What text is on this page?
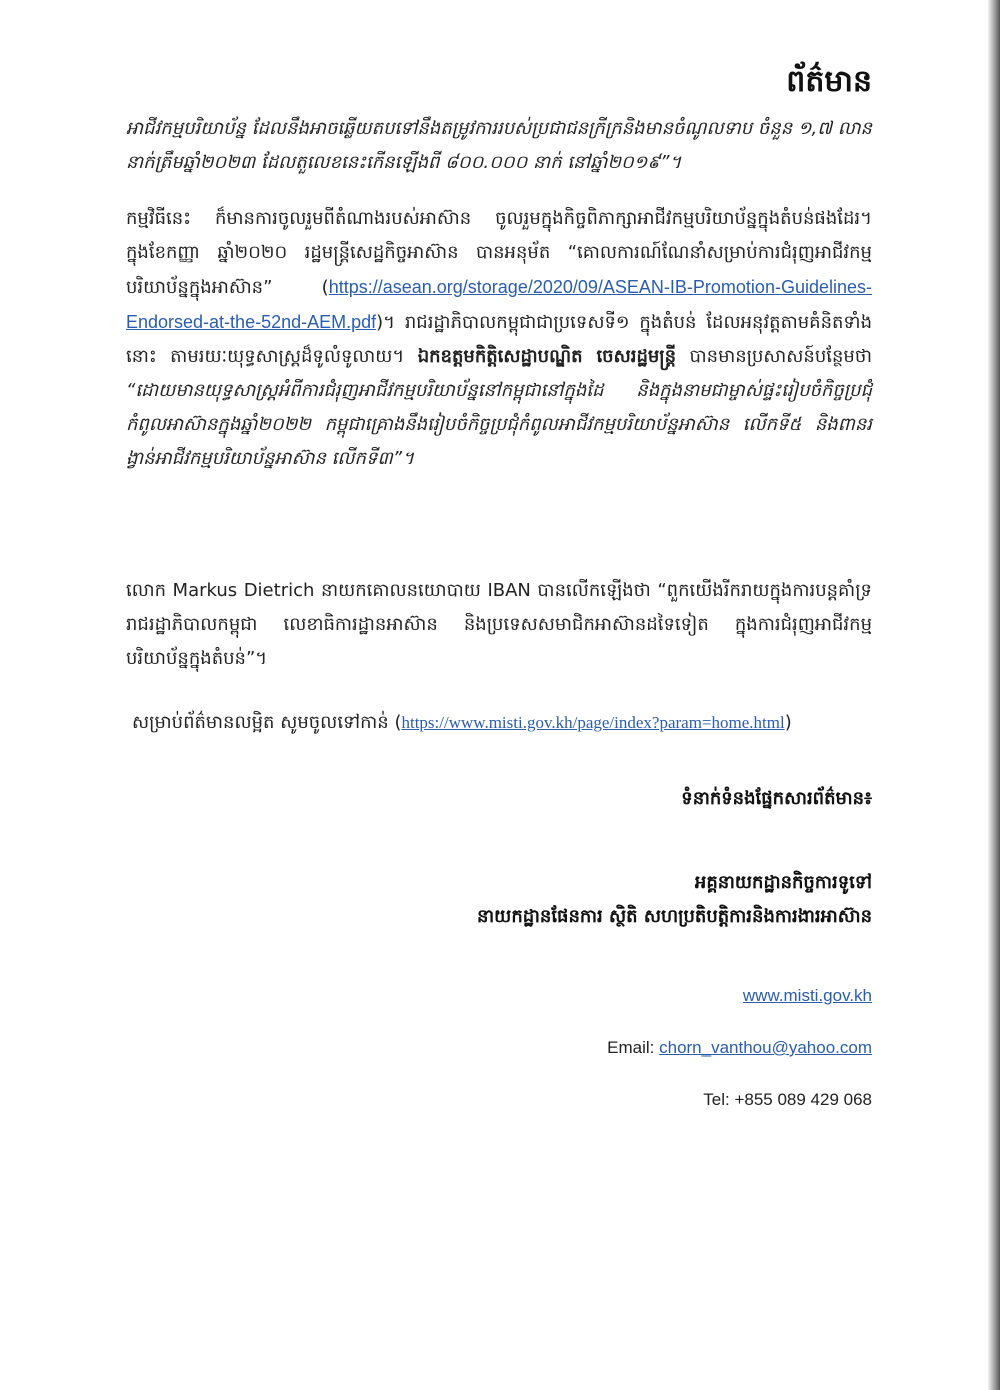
ព័ត៌មាន
អាជីវកម្មបរិយាប័ន្ន ដែលនឹងអាចឆ្លើយតបទៅនឹងតម្រូវការរបស់ប្រជាជនក្រីក្រនិងមានចំណូលទាប ចំនួន ១,៧ លាននាក់ត្រឹមឆ្នាំ២០២៣ ដែលតួលេខនេះកើនឡើងពី ៨០០.០០០ នាក់ នៅឆ្នាំ២០១៩”។
កម្មវិធីនេះ ក៏មានការចូលរួមពីតំណាងរបស់អាស៊ាន ចូលរួមក្នុងកិច្ចពិភាក្សាអាជីវកម្មបរិយាប័ន្នក្នុងតំបន់ផងដែរ។ ក្នុងខែកញ្ញា ឆ្នាំ២០២០ រដ្ឋមន្ត្រីសេដ្ឋកិច្ចអាស៊ាន បានអនុម័ត “គោលការណ៍ណែនាំសម្រាប់ការជំរុញអាជីវកម្មបរិយាប័ន្នក្នុងអាស៊ាន” (https://asean.org/storage/2020/09/ASEAN-IB-Promotion-Guidelines-Endorsed-at-the-52nd-AEM.pdf)។ រាជរដ្ឋាភិបាលកម្ពុជាជាប្រទេសទី១ ក្នុងតំបន់ ដែលអនុវត្តតាមគំនិតទាំងនោះ តាមរយៈយុទ្ធសាស្ត្រដ៏ទូលំទូលាយ។ ឯកឧត្តមកិត្តិសេដ្ឋាបណ្ឌិត ចេសរដ្ឋមន្ត្រី បានមានប្រសាសន៍បន្ថែមថា “ដោយមានយុទ្ធសាស្ត្រអំពីការជំរុញអាជីវកម្មបរិយាប័ន្ននៅកម្ពុជានៅក្នុងដៃ និងក្នុងនាមជាម្ចាស់ផ្ទះរៀបចំកិច្ចប្រជុំកំពូលអាស៊ានក្នុងឆ្នាំ២០២២ កម្ពុជាគ្រោងនឹងរៀបចំកិច្ចប្រជុំកំពូលអាជីវកម្មបរិយាប័ន្នអាស៊ាន លើកទី៥ និងពានរង្វាន់អាជីវកម្មបរិយាប័ន្នអាស៊ាន លើកទី៣”។
លោក Markus Dietrich នាយកគោលនយោបាយ IBAN បានលើកឡើងថា “ពួកយើងរីករាយក្នុងការបន្តគាំទ្ររាជរដ្ឋាភិបាលកម្ពុជា លេខាធិការដ្ឋានអាស៊ាន និងប្រទេសសមាជិកអាស៊ានដទៃទៀត ក្នុងការជំរុញអាជីវកម្មបរិយាប័ន្នក្នុងតំបន់”។
សម្រាប់ព័ត៌មានលម្អិត សូមចូលទៅកាន់ (https://www.misti.gov.kh/page/index?param=home.html)
ទំនាក់ទំនងផ្នែកសារព័ត៌មាន៖
អគ្គនាយកដ្ឋានកិច្ចការទូទៅ
នាយកដ្ឋានផែនការ ស្ថិតិ សហប្រតិបត្តិការនិងការងារអាស៊ាន
www.misti.gov.kh
Email: chorn_vanthou@yahoo.com
Tel: +855 089 429 068
